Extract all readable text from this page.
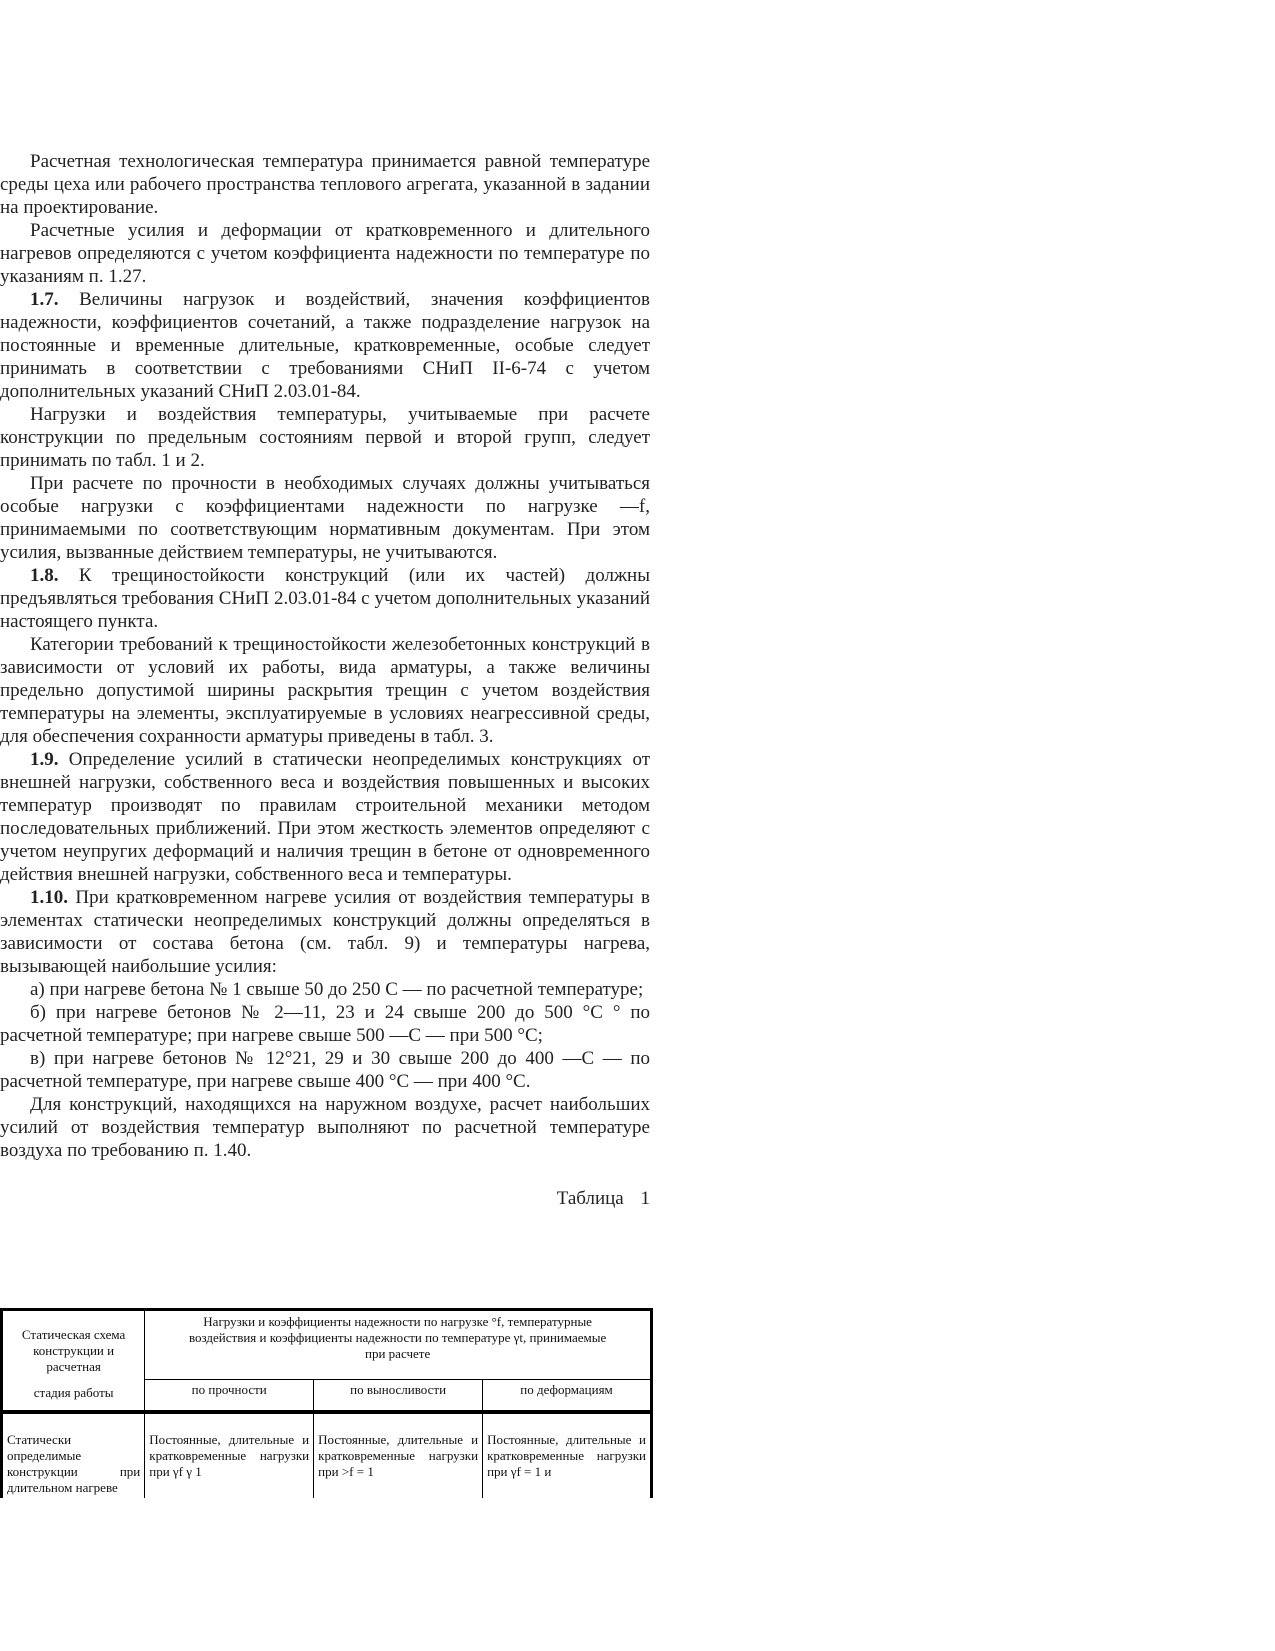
Расчетная технологическая температура принимается равной температуре среды цеха или рабочего пространства теплового агрегата, указанной в задании на проектирование.

Расчетные усилия и деформации от кратковременного и длительного нагревов определяются с учетом коэффициента надежности по температуре по указаниям п. 1.27.

1.7. Величины нагрузок и воздействий, значения коэффициентов надежности, коэффициентов сочетаний, а также подразделение нагрузок на постоянные и временные длительные, кратковременные, особые следует принимать в соответствии с требованиями СНиП II-6-74 с учетом дополнительных указаний СНиП 2.03.01-84.

Нагрузки и воздействия температуры, учитываемые при расчете конструкции по предельным состояниям первой и второй групп, следует принимать по табл. 1 и 2.

При расчете по прочности в необходимых случаях должны учитываться особые нагрузки с коэффициентами надежности по нагрузке —f, принимаемыми по соответствующим нормативным документам. При этом усилия, вызванные действием температуры, не учитываются.

1.8. К трещиностойкости конструкций (или их частей) должны предъявляться требования СНиП 2.03.01-84 с учетом дополнительных указаний настоящего пункта.

Категории требований к трещиностойкости железобетонных конструкций в зависимости от условий их работы, вида арматуры, а также величины предельно допустимой ширины раскрытия трещин с учетом воздействия температуры на элементы, эксплуатируемые в условиях неагрессивной среды, для обеспечения сохранности арматуры приведены в табл. 3.

1.9. Определение усилий в статически неопределимых конструкциях от внешней нагрузки, собственного веса и воздействия повышенных и высоких температур производят по правилам строительной механики методом последовательных приближений. При этом жесткость элементов определяют с учетом неупругих деформаций и наличия трещин в бетоне от одновременного действия внешней нагрузки, собственного веса и температуры.

1.10. При кратковременном нагреве усилия от воздействия температуры в элементах статически неопределимых конструкций должны определяться в зависимости от состава бетона (см. табл. 9) и температуры нагрева, вызывающей наибольшие усилия:

а) при нагреве бетона № 1 свыше 50 до 250 C — по расчетной температуре;

б) при нагреве бетонов № 2—11, 23 и 24 свыше 200 до 500 °С ° по расчетной температуре; при нагреве свыше 500 —С — при 500 °С;

в) при нагреве бетонов № 12°21, 29 и 30 свыше 200 до 400 —С — по расчетной температуре, при нагреве свыше 400 °С — при 400 °С.

Для конструкций, находящихся на наружном воздухе, расчет наибольших усилий от воздействия температур выполняют по расчетной температуре воздуха по требованию п. 1.40.

Таблица 1
Статическая схема конструкции и расчетная
стадия работы	Нагрузки и коэффициенты надежности по нагрузке °f, температурные воздействия и коэффициенты надежности по температуре γt, принимаемые при расчете		
	по прочности	по выносливости	по деформациям
Статически определимые конструкции при длительном нагреве	Постоянные, длительные и кратковременные нагрузки при γf γ 1	Постоянные, длительные и кратковременные нагрузки при >f = 1	Постоянные, длительные и кратковременные нагрузки при γf = 1 и
